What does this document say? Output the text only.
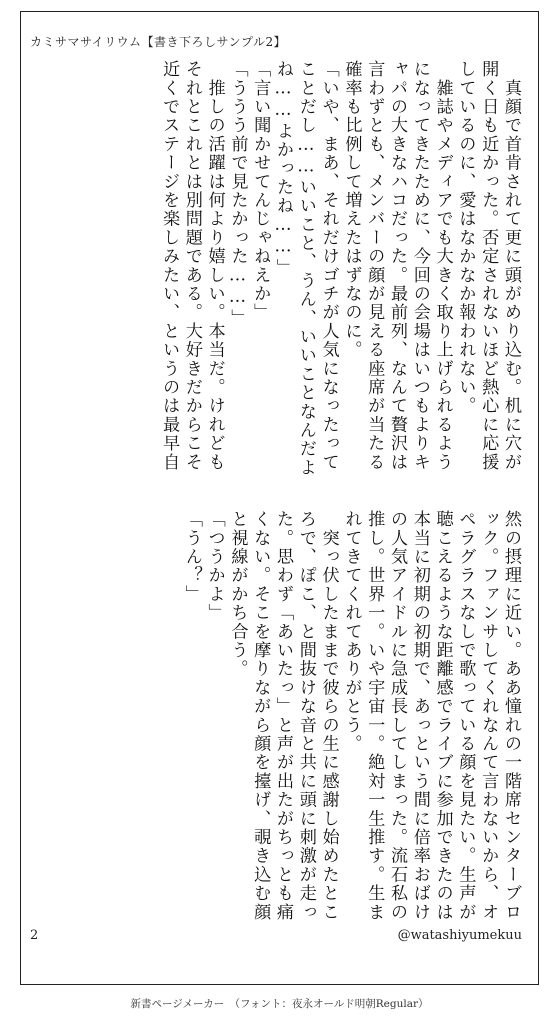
カミサマサイリウム【書き下ろしサンプル2】

　真顔で首肯されて更に頭がめり込む。机に穴が開く日も近かった。否定されないほど熱心に応援しているのに、愛はなかなか報われない。

　雑誌やメディアでも大きく取り上げられるようになってきたために、今回の会場はいつもよりキャパの大きなハコだった。最前列、なんて贅沢は言わずとも、メンバーの顔が見える座席が当たる確率も比例して増えたはずなのに。

「いや、まあ、それだけゴチが人気になったってことだし……いいこと、うん、いいことなんだよね……よかったね……」

「言い聞かせてんじゃねえか」

「ううう前で見たかった……」

　推しの活躍は何より嬉しい。本当だ。けれどもそれとこれとは別問題である。大好きだからこそ近くでステージを楽しみたい、というのは最早自

然の摂理に近い。ああ憧れの一階席センターブロック。ファンサしてくれなんて言わないから、オペラグラスなしで歌っている顔を見たい。生声が聴こえるような距離感でライブに参加できたのは本当に初期の初期で、あっという間に倍率おばけの人気アイドルに急成長してしまった。流石私の推し。世界一。いや宇宙一。絶対一生推す。生まれてきてくれてありがとう。

　突っ伏したままで彼らの生に感謝し始めたところで、ぽこ、と間抜けな音と共に頭に刺激が走った。思わず「あいたっ」と声が出たがちっとも痛くない。そこを摩りながら顔を擡げ、覗き込む顔と視線がかち合う。

「つうかよ」

「うん？」

2	@watashiyumekuu
新書ページメーカー　（フォント：夜永オールド明朝Regular）
